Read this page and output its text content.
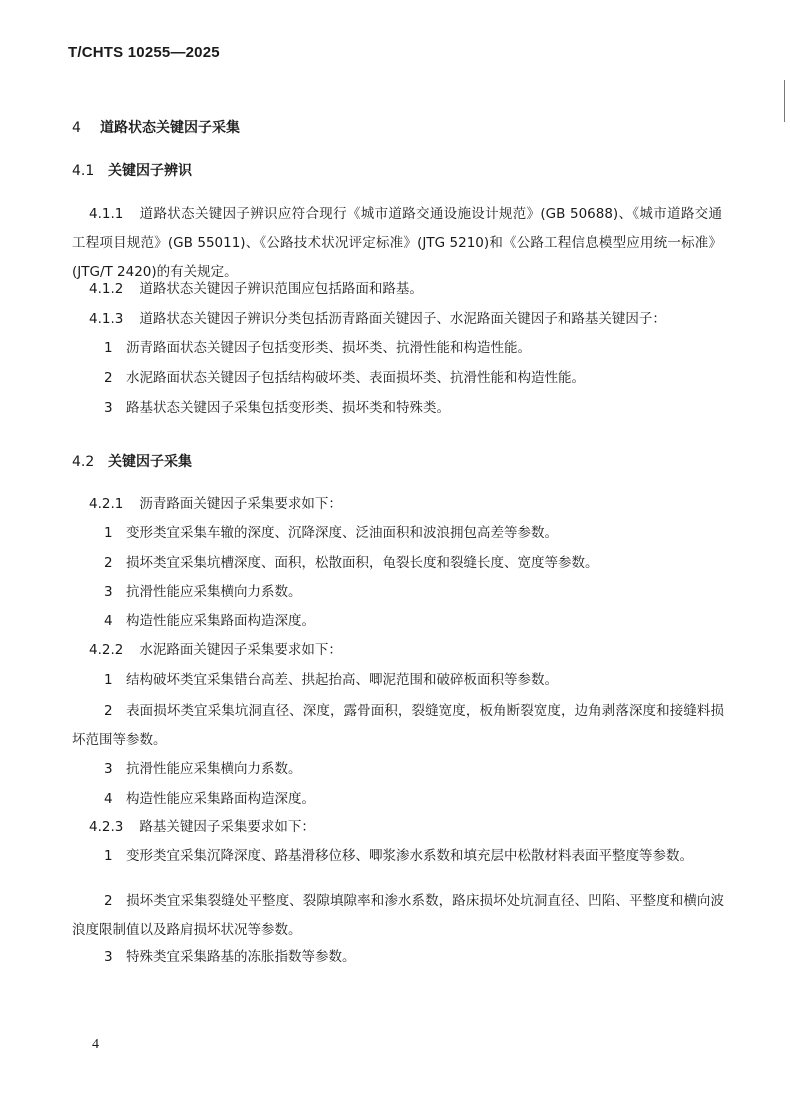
T/CHTS 10255—2025
4 道路状态关键因子采集
4.1 关键因子辨识
4.1.1 道路状态关键因子辨识应符合现行《城市道路交通设施设计规范》(GB 50688)、《城市道路交通工程项目规范》(GB 55011)、《公路技术状况评定标准》(JTG 5210)和《公路工程信息模型应用统一标准》(JTG/T 2420)的有关规定。
4.1.2 道路状态关键因子辨识范围应包括路面和路基。
4.1.3 道路状态关键因子辨识分类包括沥青路面关键因子、水泥路面关键因子和路基关键因子：
1 沥青路面状态关键因子包括变形类、损坏类、抗滑性能和构造性能。
2 水泥路面状态关键因子包括结构破坏类、表面损坏类、抗滑性能和构造性能。
3 路基状态关键因子采集包括变形类、损坏类和特殊类。
4.2 关键因子采集
4.2.1 沥青路面关键因子采集要求如下：
1 变形类宜采集车辙的深度、沉降深度、泛油面积和波浪拥包高差等参数。
2 损坏类宜采集坑槽深度、面积，松散面积，龟裂长度和裂缝长度、宽度等参数。
3 抗滑性能应采集横向力系数。
4 构造性能应采集路面构造深度。
4.2.2 水泥路面关键因子采集要求如下：
1 结构破坏类宜采集错台高差、拱起抬高、唧泥范围和破碎板面积等参数。
2 表面损坏类宜采集坑洞直径、深度，露骨面积，裂缝宽度，板角断裂宽度，边角剥落深度和接缝料损坏范围等参数。
3 抗滑性能应采集横向力系数。
4 构造性能应采集路面构造深度。
4.2.3 路基关键因子采集要求如下：
1 变形类宜采集沉降深度、路基滑移位移、唧浆渗水系数和填充层中松散材料表面平整度等参数。
2 损坏类宜采集裂缝处平整度、裂隙填隙率和渗水系数，路床损坏处坑洞直径、凹陷、平整度和横向波浪度限制值以及路肩损坏状况等参数。
3 特殊类宜采集路基的冻胀指数等参数。
4
